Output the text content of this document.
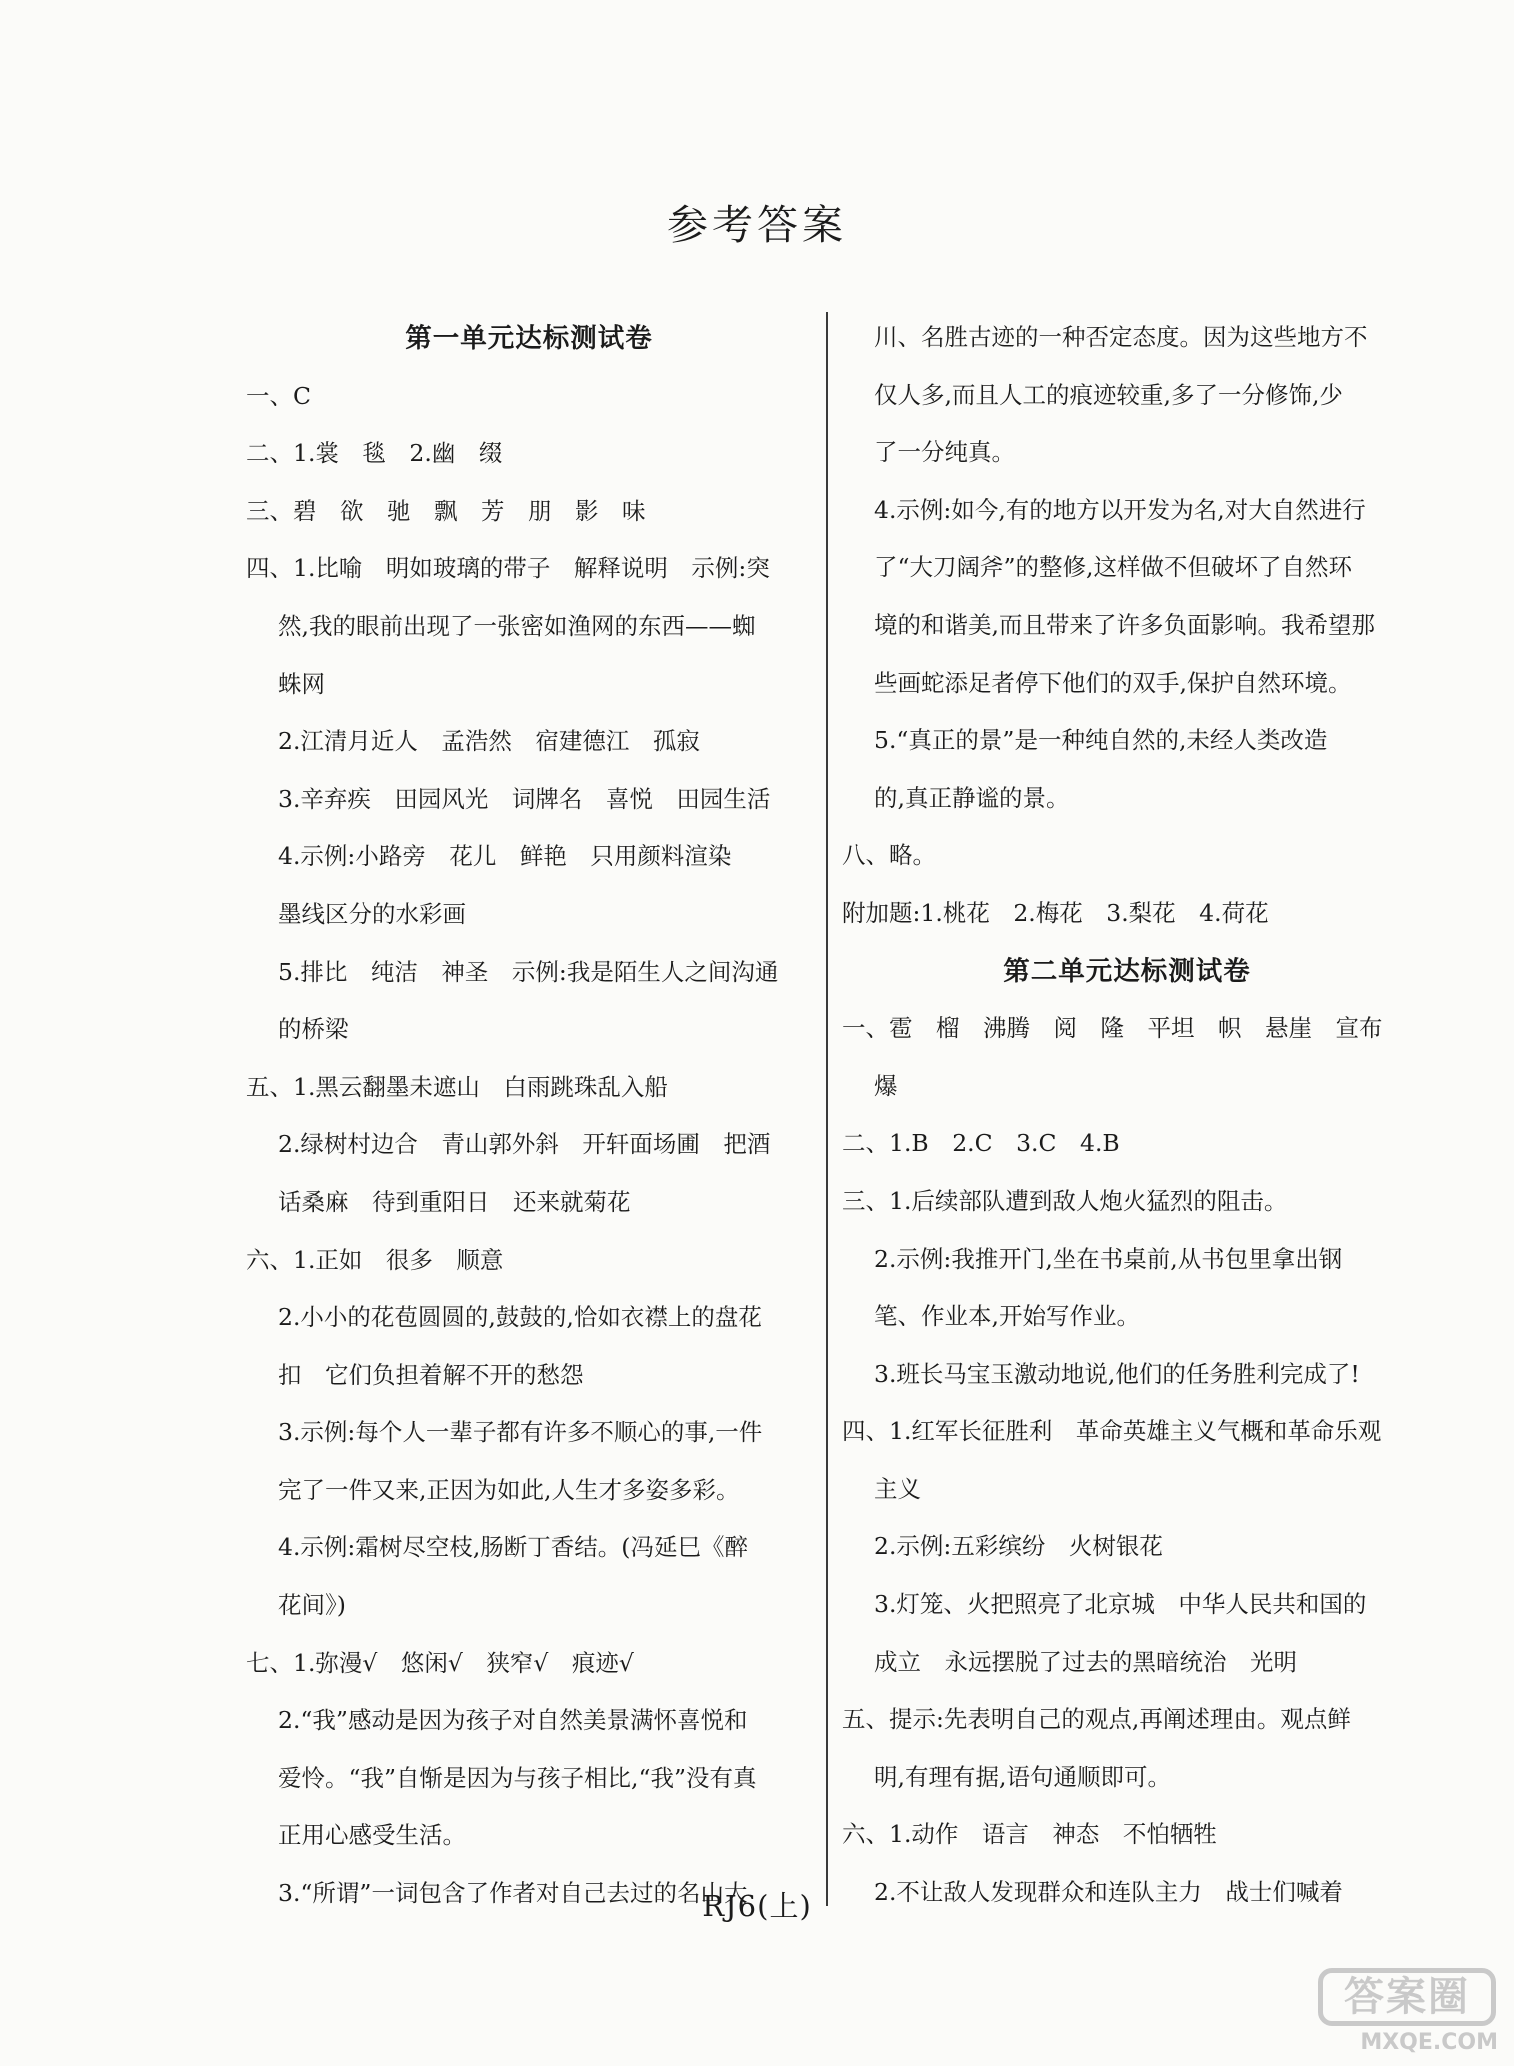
参考答案
第一单元达标测试卷
一、C
二、1.裳　毯　2.幽　缀
三、碧　欲　驰　飘　芳　朋　影　味
四、1.比喻　明如玻璃的带子　解释说明　示例:突
然,我的眼前出现了一张密如渔网的东西——蜘
蛛网
2.江清月近人　孟浩然　宿建德江　孤寂
3.辛弃疾　田园风光　词牌名　喜悦　田园生活
4.示例:小路旁　花儿　鲜艳　只用颜料渲染
墨线区分的水彩画
5.排比　纯洁　神圣　示例:我是陌生人之间沟通
的桥梁
五、1.黑云翻墨未遮山　白雨跳珠乱入船
2.绿树村边合　青山郭外斜　开轩面场圃　把酒
话桑麻　待到重阳日　还来就菊花
六、1.正如　很多　顺意
2.小小的花苞圆圆的,鼓鼓的,恰如衣襟上的盘花
扣　它们负担着解不开的愁怨
3.示例:每个人一辈子都有许多不顺心的事,一件
完了一件又来,正因为如此,人生才多姿多彩。
4.示例:霜树尽空枝,肠断丁香结。(冯延巳《醉
花间》)
七、1.弥漫√　悠闲√　狭窄√　痕迹√
2.“我”感动是因为孩子对自然美景满怀喜悦和
爱怜。“我”自惭是因为与孩子相比,“我”没有真
正用心感受生活。
3.“所谓”一词包含了作者对自己去过的名山大
川、名胜古迹的一种否定态度。因为这些地方不
仅人多,而且人工的痕迹较重,多了一分修饰,少
了一分纯真。
4.示例:如今,有的地方以开发为名,对大自然进行
了“大刀阔斧”的整修,这样做不但破坏了自然环
境的和谐美,而且带来了许多负面影响。我希望那
些画蛇添足者停下他们的双手,保护自然环境。
5.“真正的景”是一种纯自然的,未经人类改造
的,真正静谧的景。
八、略。
附加题:1.桃花　2.梅花　3.梨花　4.荷花
第二单元达标测试卷
一、雹　榴　沸腾　阅　隆　平坦　帜　悬崖　宣布
爆
二、1.B　2.C　3.C　4.B
三、1.后续部队遭到敌人炮火猛烈的阻击。
2.示例:我推开门,坐在书桌前,从书包里拿出钢
笔、作业本,开始写作业。
3.班长马宝玉激动地说,他们的任务胜利完成了!
四、1.红军长征胜利　革命英雄主义气概和革命乐观
主义
2.示例:五彩缤纷　火树银花
3.灯笼、火把照亮了北京城　中华人民共和国的
成立　永远摆脱了过去的黑暗统治　光明
五、提示:先表明自己的观点,再阐述理由。观点鲜
明,有理有据,语句通顺即可。
六、1.动作　语言　神态　不怕牺牲
2.不让敌人发现群众和连队主力　战士们喊着
RJ6(上)
答案圈
MXQE.COM
